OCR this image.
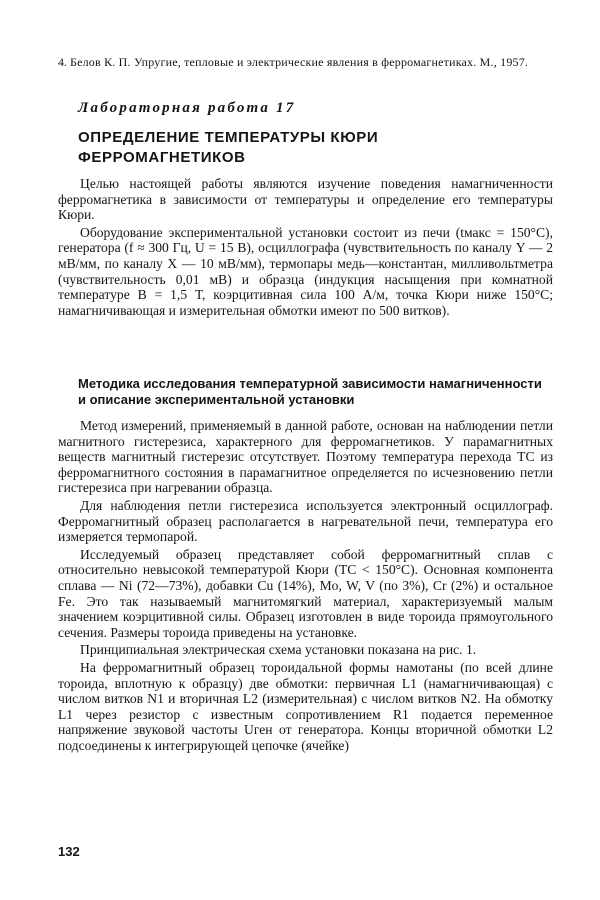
4. Белов К. П. Упругие, тепловые и электрические явления в ферромагнетиках. М., 1957.
Лабораторная работа 17
ОПРЕДЕЛЕНИЕ ТЕМПЕРАТУРЫ КЮРИ
ФЕРРОМАГНЕТИКОВ

Целью настоящей работы являются изучение поведения намагниченности ферромагнетика в зависимости от температуры и определение его температуры Кюри.

Оборудование экспериментальной установки состоит из печи (tмакс = 150°С), генератора (f ≈ 300 Гц, U = 15 В), осциллографа (чувствительность по каналу Y — 2 мВ/мм, по каналу X — 10 мВ/мм), термопары медь—константан, милливольтметра (чувствительность 0,01 мВ) и образца (индукция насыщения при комнатной температуре B = 1,5 Т, коэрцитивная сила 100 А/м, точка Кюри ниже 150°С; намагничивающая и измерительная обмотки имеют по 500 витков).

Методика исследования температурной зависимости намагниченности и описание экспериментальной установки

Метод измерений, применяемый в данной работе, основан на наблюдении петли магнитного гистерезиса, характерного для ферромагнетиков. У парамагнитных веществ магнитный гистерезис отсутствует. Поэтому температура перехода TC из ферромагнитного состояния в парамагнитное определяется по исчезновению петли гистерезиса при нагревании образца.

Для наблюдения петли гистерезиса используется электронный осциллограф. Ферромагнитный образец располагается в нагревательной печи, температура его измеряется термопарой.

Исследуемый образец представляет собой ферромагнитный сплав с относительно невысокой температурой Кюри (TC < 150°С). Основная компонента сплава — Ni (72—73%), добавки Cu (14%), Mo, W, V (по 3%), Cr (2%) и остальное Fe. Это так называемый магнитомягкий материал, характеризуемый малым значением коэрцитивной силы. Образец изготовлен в виде тороида прямоугольного сечения. Размеры тороида приведены на установке.

Принципиальная электрическая схема установки показана на рис. 1.

На ферромагнитный образец тороидальной формы намотаны (по всей длине тороида, вплотную к образцу) две обмотки: первичная L1 (намагничивающая) с числом витков N1 и вторичная L2 (измерительная) с числом витков N2. На обмотку L1 через резистор с известным сопротивлением R1 подается переменное напряжение звуковой частоты Uген от генератора. Концы вторичной обмотки L2 подсоединены к интегрирующей цепочке (ячейке)

132
